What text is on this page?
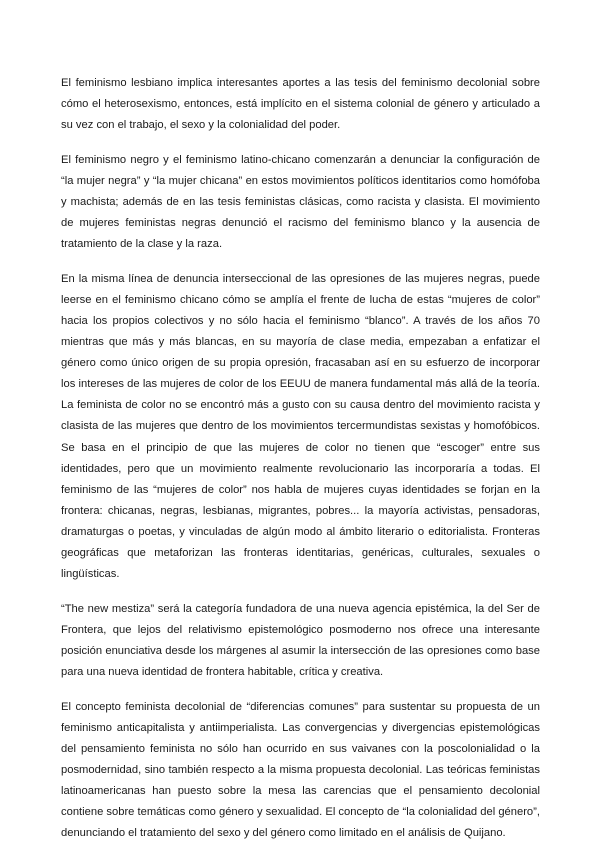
El feminismo lesbiano implica interesantes aportes a las tesis del feminismo decolonial sobre cómo el heterosexismo, entonces, está implícito en el sistema colonial de género y articulado a su vez con el trabajo, el sexo y la colonialidad del poder.

El feminismo negro y el feminismo latino-chicano comenzarán a denunciar la configuración de “la mujer negra” y “la mujer chicana” en estos movimientos políticos identitarios como homófoba y machista; además de en las tesis feministas clásicas, como racista y clasista. El movimiento de mujeres feministas negras denunció el racismo del feminismo blanco y la ausencia de tratamiento de la clase y la raza.

En la misma línea de denuncia interseccional de las opresiones de las mujeres negras, puede leerse en el feminismo chicano cómo se amplía el frente de lucha de estas “mujeres de color” hacia los propios colectivos y no sólo hacia el feminismo “blanco”. A través de los años 70 mientras que más y más blancas, en su mayoría de clase media, empezaban a enfatizar el género como único origen de su propia opresión, fracasaban así en su esfuerzo de incorporar los intereses de las mujeres de color de los EEUU de manera fundamental más allá de la teoría. La feminista de color no se encontró más a gusto con su causa dentro del movimiento racista y clasista de las mujeres que dentro de los movimientos tercermundistas sexistas y homofóbicos. Se basa en el principio de que las mujeres de color no tienen que “escoger” entre sus identidades, pero que un movimiento realmente revolucionario las incorporaría a todas. El feminismo de las “mujeres de color” nos habla de mujeres cuyas identidades se forjan en la frontera: chicanas, negras, lesbianas, migrantes, pobres... la mayoría activistas, pensadoras, dramaturgas o poetas, y vinculadas de algún modo al ámbito literario o editorialista. Fronteras geográficas que metaforizan las fronteras identitarias, genéricas, culturales, sexuales o lingüísticas.

“The new mestiza” será la categoría fundadora de una nueva agencia epistémica, la del Ser de Frontera, que lejos del relativismo epistemológico posmoderno nos ofrece una interesante posición enunciativa desde los márgenes al asumir la intersección de las opresiones como base para una nueva identidad de frontera habitable, crítica y creativa.

El concepto feminista decolonial de “diferencias comunes” para sustentar su propuesta de un feminismo anticapitalista y antiimperialista. Las convergencias y divergencias epistemológicas del pensamiento feminista no sólo han ocurrido en sus vaivanes con la poscolonialidad o la posmodernidad, sino también respecto a la misma propuesta decolonial. Las teóricas feministas latinoamericanas han puesto sobre la mesa las carencias que el pensamiento decolonial contiene sobre temáticas como género y sexualidad. El concepto de “la colonialidad del género”, denunciando el tratamiento del sexo y del género como limitado en el análisis de Quijano.
